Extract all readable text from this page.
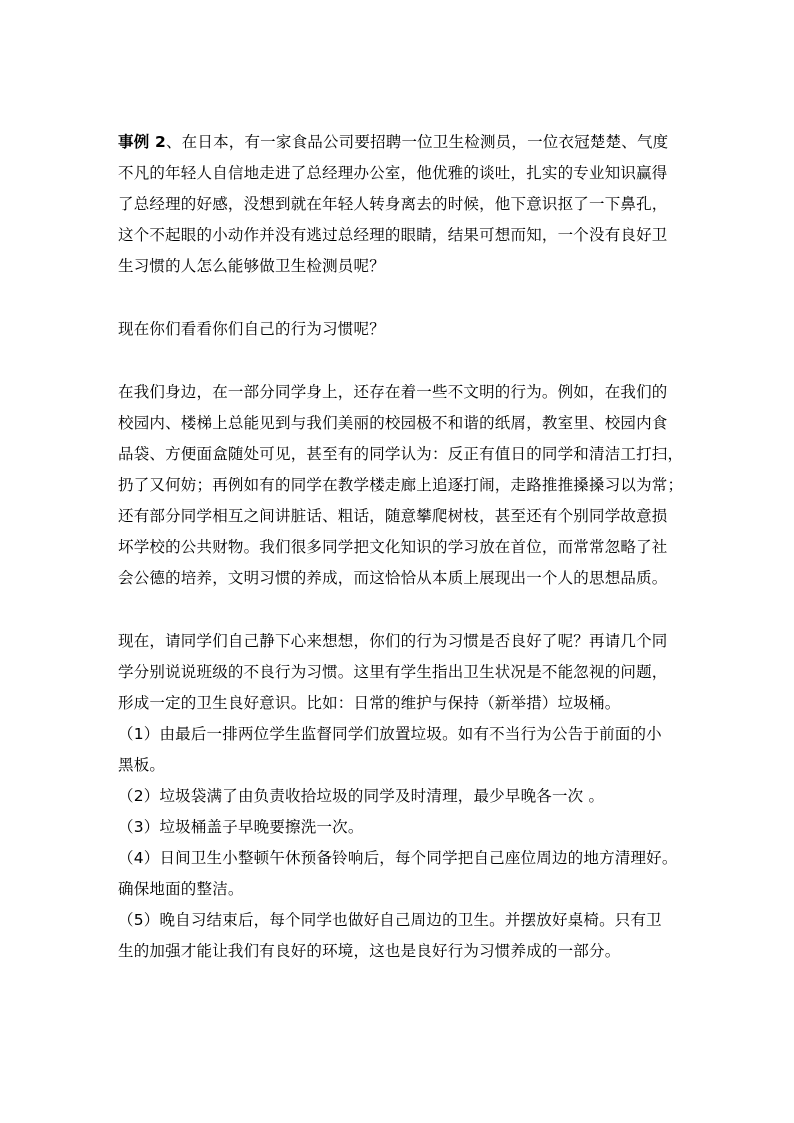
事例 2、在日本，有一家食品公司要招聘一位卫生检测员，一位衣冠楚楚、气度
不凡的年轻人自信地走进了总经理办公室，他优雅的谈吐，扎实的专业知识赢得
了总经理的好感，没想到就在年轻人转身离去的时候，他下意识抠了一下鼻孔，
这个不起眼的小动作并没有逃过总经理的眼睛，结果可想而知，一个没有良好卫
生习惯的人怎么能够做卫生检测员呢？
现在你们看看你们自己的行为习惯呢？
在我们身边，在一部分同学身上，还存在着一些不文明的行为。例如，在我们的
校园内、楼梯上总能见到与我们美丽的校园极不和谐的纸屑，教室里、校园内食
品袋、方便面盒随处可见，甚至有的同学认为：反正有值日的同学和清洁工打扫，
扔了又何妨；再例如有的同学在教学楼走廊上追逐打闹，走路推推搡搡习以为常；
还有部分同学相互之间讲脏话、粗话，随意攀爬树枝，甚至还有个别同学故意损
坏学校的公共财物。我们很多同学把文化知识的学习放在首位，而常常忽略了社
会公德的培养，文明习惯的养成，而这恰恰从本质上展现出一个人的思想品质。
现在，请同学们自己静下心来想想，你们的行为习惯是否良好了呢？再请几个同
学分别说说班级的不良行为习惯。这里有学生指出卫生状况是不能忽视的问题，
形成一定的卫生良好意识。比如：日常的维护与保持（新举措）垃圾桶。
（1）由最后一排两位学生监督同学们放置垃圾。如有不当行为公告于前面的小
黑板。
（2）垃圾袋满了由负责收拾垃圾的同学及时清理，最少早晚各一次 。
（3）垃圾桶盖子早晚要擦洗一次。
（4）日间卫生小整顿午休预备铃响后，每个同学把自己座位周边的地方清理好。
确保地面的整洁。
（5）晚自习结束后，每个同学也做好自己周边的卫生。并摆放好桌椅。只有卫
生的加强才能让我们有良好的环境，这也是良好行为习惯养成的一部分。
